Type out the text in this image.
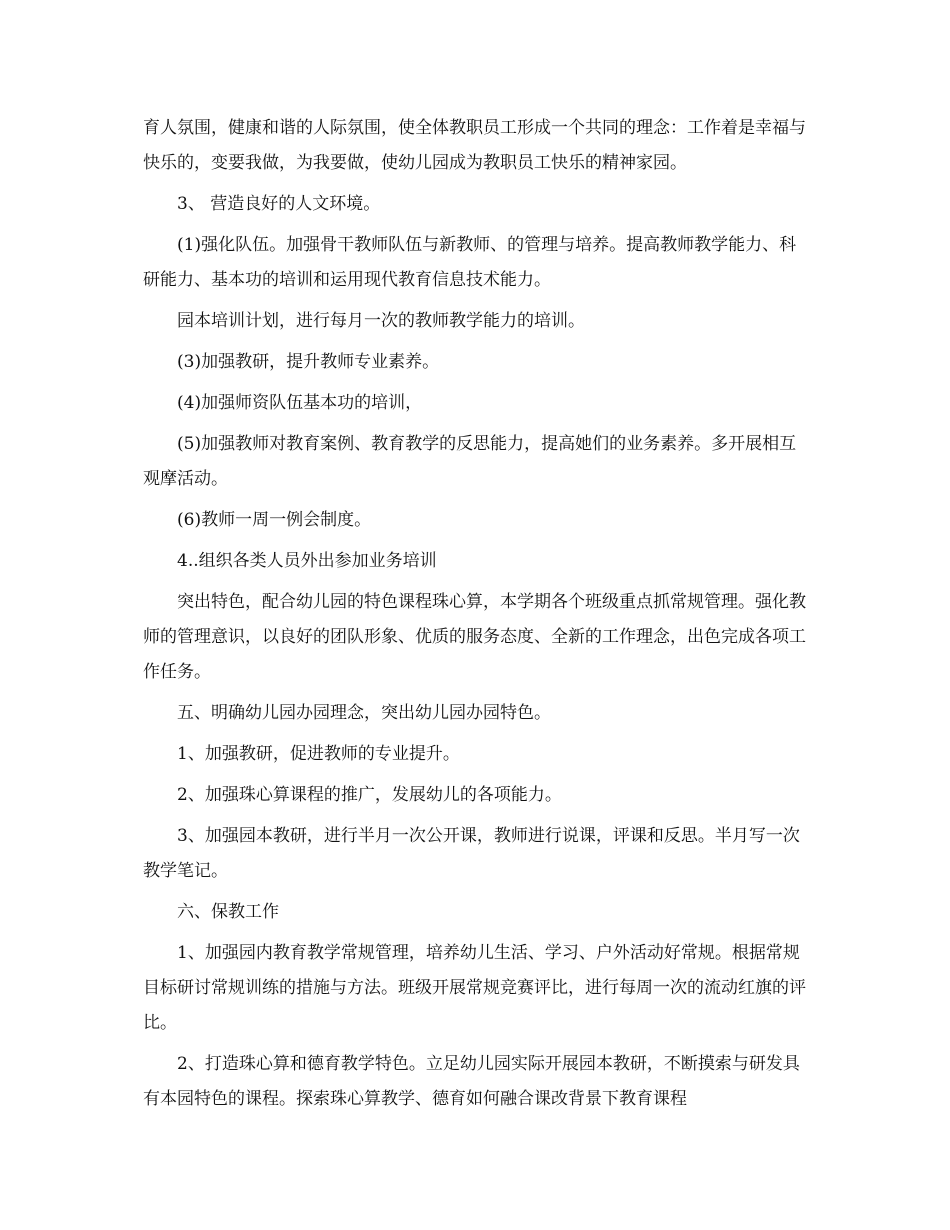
育人氛围，健康和谐的人际氛围，使全体教职员工形成一个共同的理念：工作着是幸福与快乐的，变要我做，为我要做，使幼儿园成为教职员工快乐的精神家园。

3、 营造良好的人文环境。

(1)强化队伍。加强骨干教师队伍与新教师、的管理与培养。提高教师教学能力、科研能力、基本功的培训和运用现代教育信息技术能力。

园本培训计划，进行每月一次的教师教学能力的培训。

(3)加强教研，提升教师专业素养。

(4)加强师资队伍基本功的培训，

(5)加强教师对教育案例、教育教学的反思能力，提高她们的业务素养。多开展相互观摩活动。

(6)教师一周一例会制度。

4..组织各类人员外出参加业务培训

突出特色，配合幼儿园的特色课程珠心算，本学期各个班级重点抓常规管理。强化教师的管理意识，以良好的团队形象、优质的服务态度、全新的工作理念，出色完成各项工作任务。

五、明确幼儿园办园理念，突出幼儿园办园特色。

1、加强教研，促进教师的专业提升。

2、加强珠心算课程的推广，发展幼儿的各项能力。

3、加强园本教研，进行半月一次公开课，教师进行说课，评课和反思。半月写一次教学笔记。

六、保教工作

1、加强园内教育教学常规管理，培养幼儿生活、学习、户外活动好常规。根据常规目标研讨常规训练的措施与方法。班级开展常规竞赛评比，进行每周一次的流动红旗的评比。

2、打造珠心算和德育教学特色。立足幼儿园实际开展园本教研，不断摸索与研发具有本园特色的课程。探索珠心算教学、德育如何融合课改背景下教育课程
